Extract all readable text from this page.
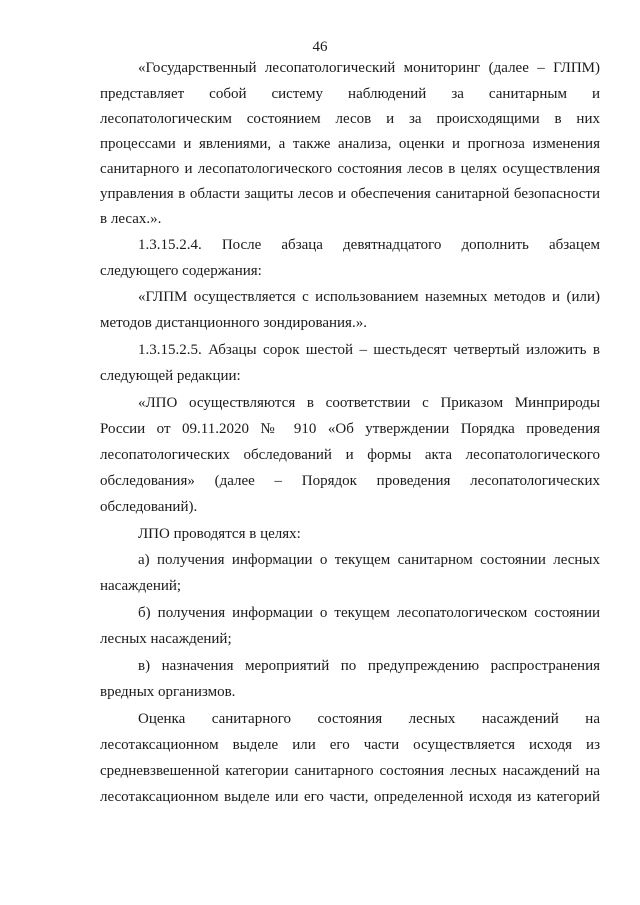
46
«Государственный лесопатологический мониторинг (далее – ГЛПМ)
представляет собой систему наблюдений за санитарным и
лесопатологическим состоянием лесов и за происходящими в них
процессами и явлениями, а также анализа, оценки и прогноза изменения
санитарного и лесопатологического состояния лесов в целях осуществления
управления в области защиты лесов и обеспечения санитарной безопасности
в лесах.».
1.3.15.2.4. После абзаца девятнадцатого дополнить абзацем
следующего содержания:
«ГЛПМ осуществляется с использованием наземных методов и (или)
методов дистанционного зондирования.».
1.3.15.2.5. Абзацы сорок шестой – шестьдесят четвертый изложить в
следующей редакции:
«ЛПО осуществляются в соответствии с Приказом Минприроды
России от 09.11.2020 № 910 «Об утверждении Порядка проведения
лесопатологических обследований и формы акта лесопатологического
обследования» (далее – Порядок проведения лесопатологических
обследований).
ЛПО проводятся в целях:
а) получения информации о текущем санитарном состоянии лесных
насаждений;
б) получения информации о текущем лесопатологическом состоянии
лесных насаждений;
в) назначения мероприятий по предупреждению распространения
вредных организмов.
Оценка санитарного состояния лесных насаждений на
лесотаксационном выделе или его части осуществляется исходя из
средневзвешенной категории санитарного состояния лесных насаждений на
лесотаксационном выделе или его части, определенной исходя из категорий
